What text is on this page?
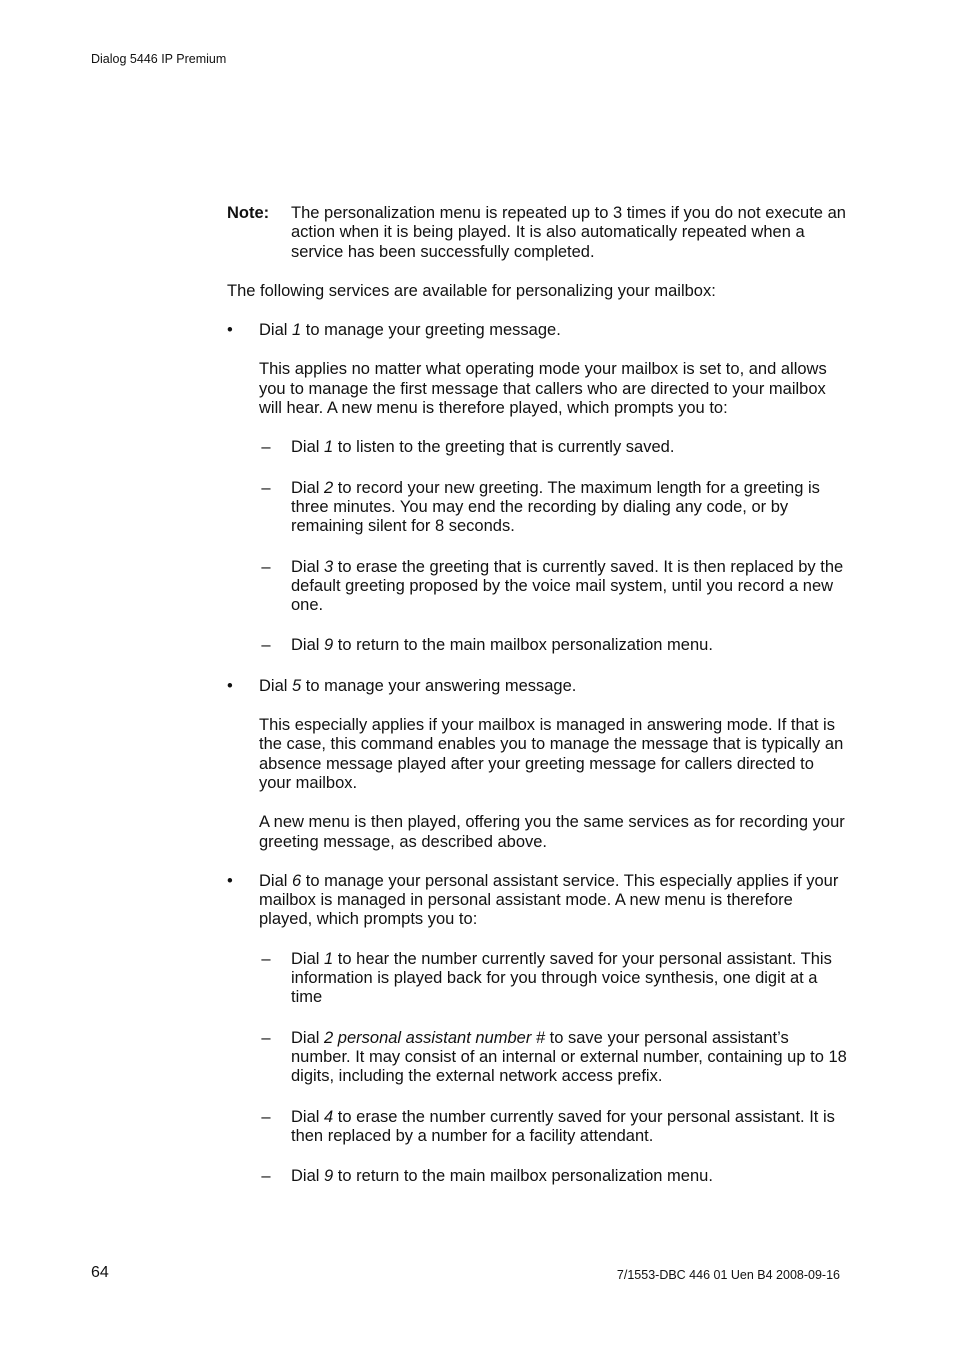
Dialog 5446 IP Premium
Note:	The personalization menu is repeated up to 3 times if you do not execute an action when it is being played. It is also automatically repeated when a service has been successfully completed.

The following services are available for personalizing your mailbox:

• Dial 1 to manage your greeting message.
This applies no matter what operating mode your mailbox is set to, and allows you to manage the first message that callers who are directed to your mailbox will hear. A new menu is therefore played, which prompts you to:
– Dial 1 to listen to the greeting that is currently saved.
– Dial 2 to record your new greeting. The maximum length for a greeting is three minutes. You may end the recording by dialing any code, or by remaining silent for 8 seconds.
– Dial 3 to erase the greeting that is currently saved. It is then replaced by the default greeting proposed by the voice mail system, until you record a new one.
– Dial 9 to return to the main mailbox personalization menu.
• Dial 5 to manage your answering message.
This especially applies if your mailbox is managed in answering mode. If that is the case, this command enables you to manage the message that is typically an absence message played after your greeting message for callers directed to your mailbox.
A new menu is then played, offering you the same services as for recording your greeting message, as described above.
• Dial 6 to manage your personal assistant service. This especially applies if your mailbox is managed in personal assistant mode. A new menu is therefore played, which prompts you to:
– Dial 1 to hear the number currently saved for your personal assistant. This information is played back for you through voice synthesis, one digit at a time
– Dial 2 personal assistant number # to save your personal assistant’s number. It may consist of an internal or external number, containing up to 18 digits, including the external network access prefix.
– Dial 4 to erase the number currently saved for your personal assistant. It is then replaced by a number for a facility attendant.
– Dial 9 to return to the main mailbox personalization menu.
64	7/1553-DBC 446 01 Uen B4 2008-09-16
